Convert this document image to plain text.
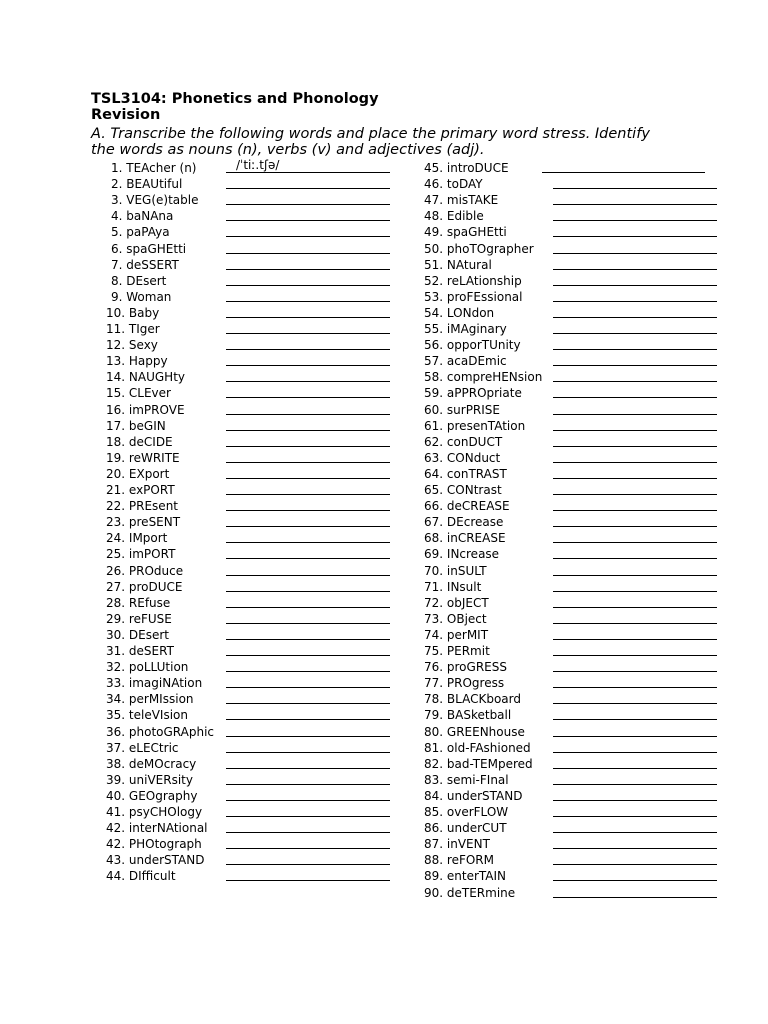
TSL3104: Phonetics and Phonology
Revision
A. Transcribe the following words and place the primary word stress. Identify
the words as nouns (n), verbs (v) and adjectives (adj).
1. TEAcher (n)	/ˈtiː.tʃə/
2. BEAUtiful
3. VEG(e)table
4. baNAna
5. paPAya
6. spaGHEtti
7. deSSERT
8. DEsert
9. Woman
10. Baby
11. TIger
12. Sexy
13. Happy
14. NAUGHty
15. CLEver
16. imPROVE
17. beGIN
18. deCIDE
19. reWRITE
20. EXport
21. exPORT
22. PREsent
23. preSENT
24. IMport
25. imPORT
26. PROduce
27. proDUCE
28. REfuse
29. reFUSE
30. DEsert
31. deSERT
32. poLLUtion
33. imagiNAtion
34. perMIssion
35. teleVIsion
36. photoGRAphic
37. eLECtric
38. deMOcracy
39. uniVERsity
40. GEOgraphy
41. psyCHOlogy
42. interNAtional
42. PHOtograph
43. underSTAND
44. DIfficult
45. introDUCE
46. toDAY
47. misTAKE
48. Edible
49. spaGHEtti
50. phoTOgrapher
51. NAtural
52. reLAtionship
53. proFEssional
54. LONdon
55. iMAginary
56. opporTUnity
57. acaDEmic
58. compreHENsion
59. aPPROpriate
60. surPRISE
61. presenTAtion
62. conDUCT
63. CONduct
64. conTRAST
65. CONtrast
66. deCREASE
67. DEcrease
68. inCREASE
69. INcrease
70. inSULT
71. INsult
72. obJECT
73. OBject
74. perMIT
75. PERmit
76. proGRESS
77. PROgress
78. BLACKboard
79. BASketball
80. GREENhouse
81. old-FAshioned
82. bad-TEMpered
83. semi-FInal
84. underSTAND
85. overFLOW
86. underCUT
87. inVENT
88. reFORM
89. enterTAIN
90. deTERmine
